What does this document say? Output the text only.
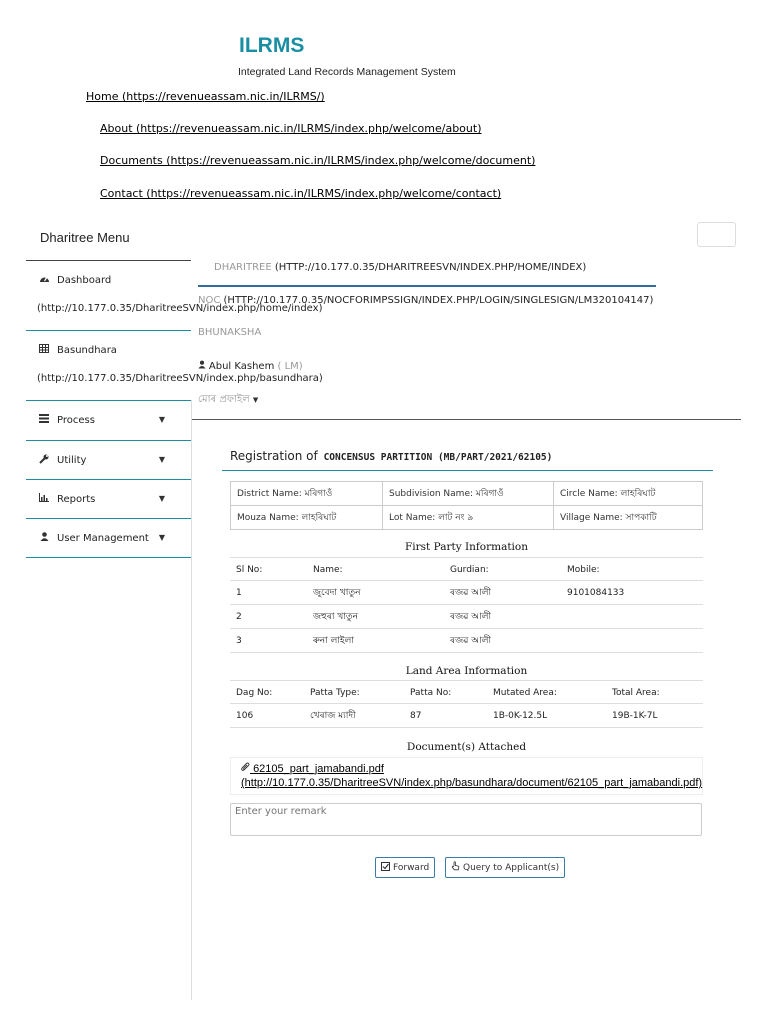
ILRMS
Integrated Land Records Management System
Home (https://revenueassam.nic.in/ILRMS/)
About (https://revenueassam.nic.in/ILRMS/index.php/welcome/about)
Documents (https://revenueassam.nic.in/ILRMS/index.php/welcome/document)
Contact (https://revenueassam.nic.in/ILRMS/index.php/welcome/contact)
Dharitree Menu
Dashboard
(http://10.177.0.35/DharitreeSVN/index.php/home/index)
Basundhara
(http://10.177.0.35/DharitreeSVN/index.php/basundhara)
Process	▼
Utility	▼
Reports	▼
User Management ▼
DHARITREE (HTTP://10.177.0.35/DHARITREESVN/INDEX.PHP/HOME/INDEX)
NOC (HTTP://10.177.0.35/NOCFORIMPSSIGN/INDEX.PHP/LOGIN/SINGLESIGN/LM320104147)
BHUNAKSHA
Abul Kashem ( LM)
মোৰ প্ৰফাইল ▼
Registration of CONCENSUS PARTITION (MB/PART/2021/62105)
District Name: মৰিগাওঁ	Subdivision Name: মৰিগাওঁ	Circle Name: লাহৰিঘাট
Mouza Name: লাহৰিঘাট	Lot Name: লাট নং ৯	Village Name: সাপকাটি
First Party Information
Sl No:	Name:	Gurdian:	Mobile:
1	জুবেদা খাতুন	ৰজৱ আলী	9101084133
2	জহুৰা খাতুন	ৰজৱ আলী
3	ৰুনা লাইলা	ৰজৱ আলী
Land Area Information
Dag No:	Patta Type:	Patta No:	Mutated Area:	Total Area:
106	খেৰাজ ম্যাদী	87	1B-0K-12.5L	19B-1K-7L
Document(s) Attached
62105_part_jamabandi.pdf
(http://10.177.0.35/DharitreeSVN/index.php/basundhara/document/62105_part_jamabandi.pdf)
Enter your remark
Forward	Query to Applicant(s)
